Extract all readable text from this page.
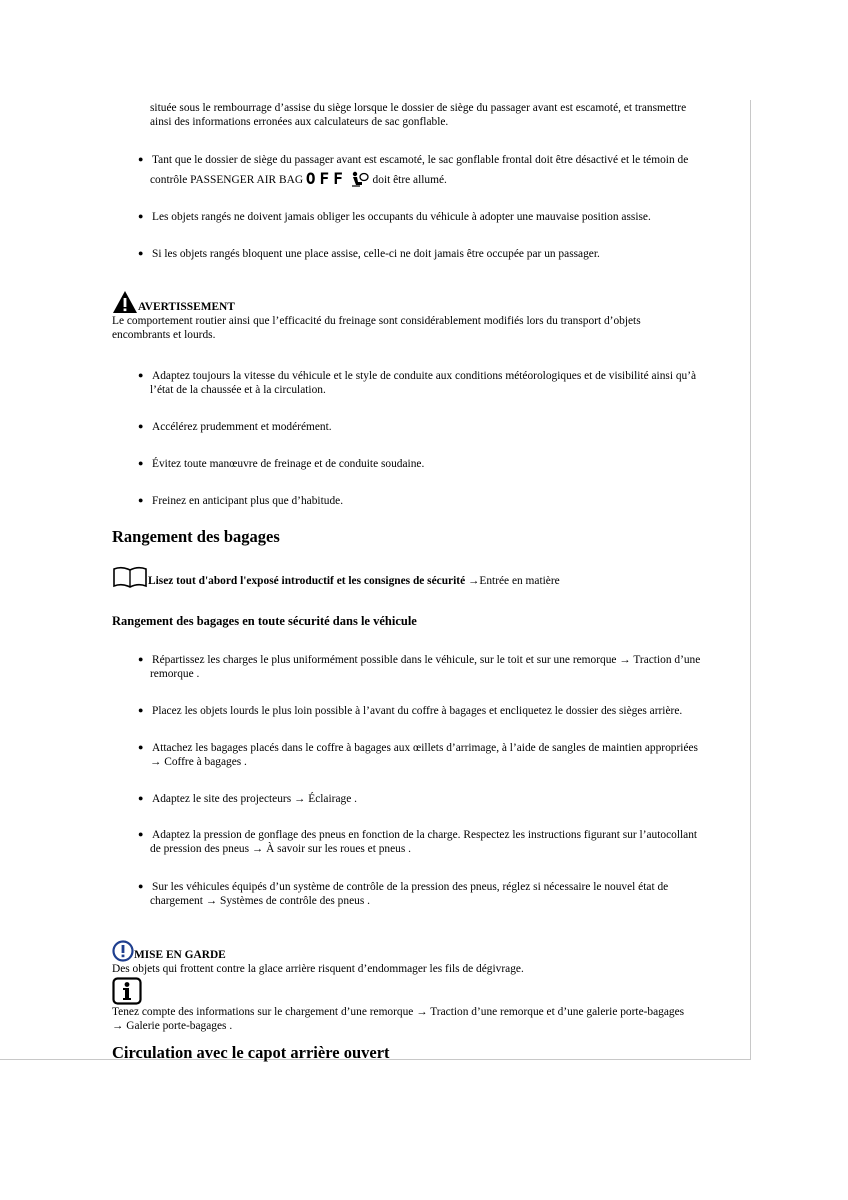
située sous le rembourrage d’assise du siège lorsque le dossier de siège du passager avant est escamoté, et transmettre
ainsi des informations erronées aux calculateurs de sac gonflable.
● Tant que le dossier de siège du passager avant est escamoté, le sac gonflable frontal doit être désactivé et le témoin de
contrôle PASSENGER AIR BAG OFF doit être allumé.
● Les objets rangés ne doivent jamais obliger les occupants du véhicule à adopter une mauvaise position assise.
● Si les objets rangés bloquent une place assise, celle-ci ne doit jamais être occupée par un passager.
AVERTISSEMENT
Le comportement routier ainsi que l’efficacité du freinage sont considérablement modifiés lors du transport d’objets
encombrants et lourds.
● Adaptez toujours la vitesse du véhicule et le style de conduite aux conditions météorologiques et de visibilité ainsi qu’à
l’état de la chaussée et à la circulation.
● Accélérez prudemment et modérément.
● Évitez toute manœuvre de freinage et de conduite soudaine.
● Freinez en anticipant plus que d’habitude.
Rangement des bagages
Lisez tout d'abord l'exposé introductif et les consignes de sécurité →Entrée en matière
Rangement des bagages en toute sécurité dans le véhicule
● Répartissez les charges le plus uniformément possible dans le véhicule, sur le toit et sur une remorque → Traction d’une
remorque .
● Placez les objets lourds le plus loin possible à l’avant du coffre à bagages et encliquetez le dossier des sièges arrière.
● Attachez les bagages placés dans le coffre à bagages aux œillets d’arrimage, à l’aide de sangles de maintien appropriées
→ Coffre à bagages .
● Adaptez le site des projecteurs → Éclairage .
● Adaptez la pression de gonflage des pneus en fonction de la charge. Respectez les instructions figurant sur l’autocollant
de pression des pneus → À savoir sur les roues et pneus .
● Sur les véhicules équipés d’un système de contrôle de la pression des pneus, réglez si nécessaire le nouvel état de
chargement → Systèmes de contrôle des pneus .
MISE EN GARDE
Des objets qui frottent contre la glace arrière risquent d’endommager les fils de dégivrage.
Tenez compte des informations sur le chargement d’une remorque → Traction d’une remorque et d’une galerie porte-bagages
→ Galerie porte-bagages .
Circulation avec le capot arrière ouvert
